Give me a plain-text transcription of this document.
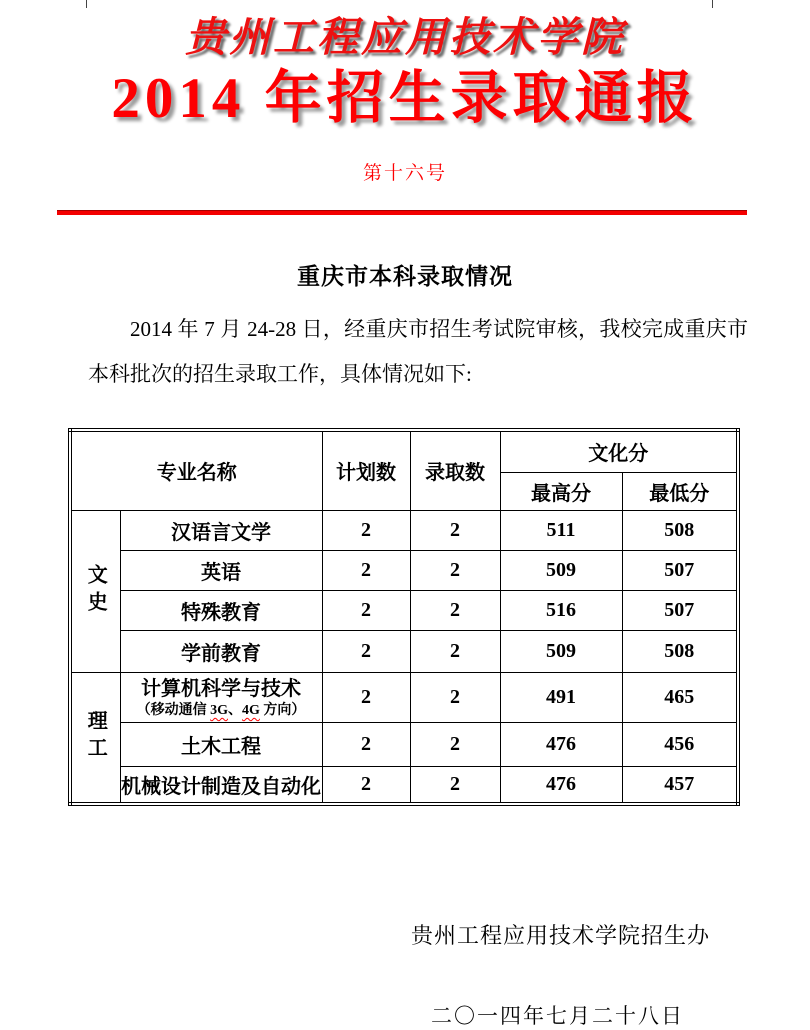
贵州工程应用技术学院
2014 年招生录取通报
第十六号
重庆市本科录取情况

2014 年 7 月 24-28 日，经重庆市招生考试院审核，我校完成重庆市本科批次的招生录取工作，具体情况如下:

专业名称		计划数	录取数	文化分	
				最高分	最低分
文史	汉语言文学	2	2	511	508
	英语	2	2	509	507
	特殊教育	2	2	516	507
	学前教育	2	2	509	508
理工	计算机科学与技术
（移动通信 3G、4G 方向）	2	2	491	465
	土木工程	2	2	476	456
	机械设计制造及自动化	2	2	476	457
贵州工程应用技术学院招生办
二〇一四年七月二十八日
